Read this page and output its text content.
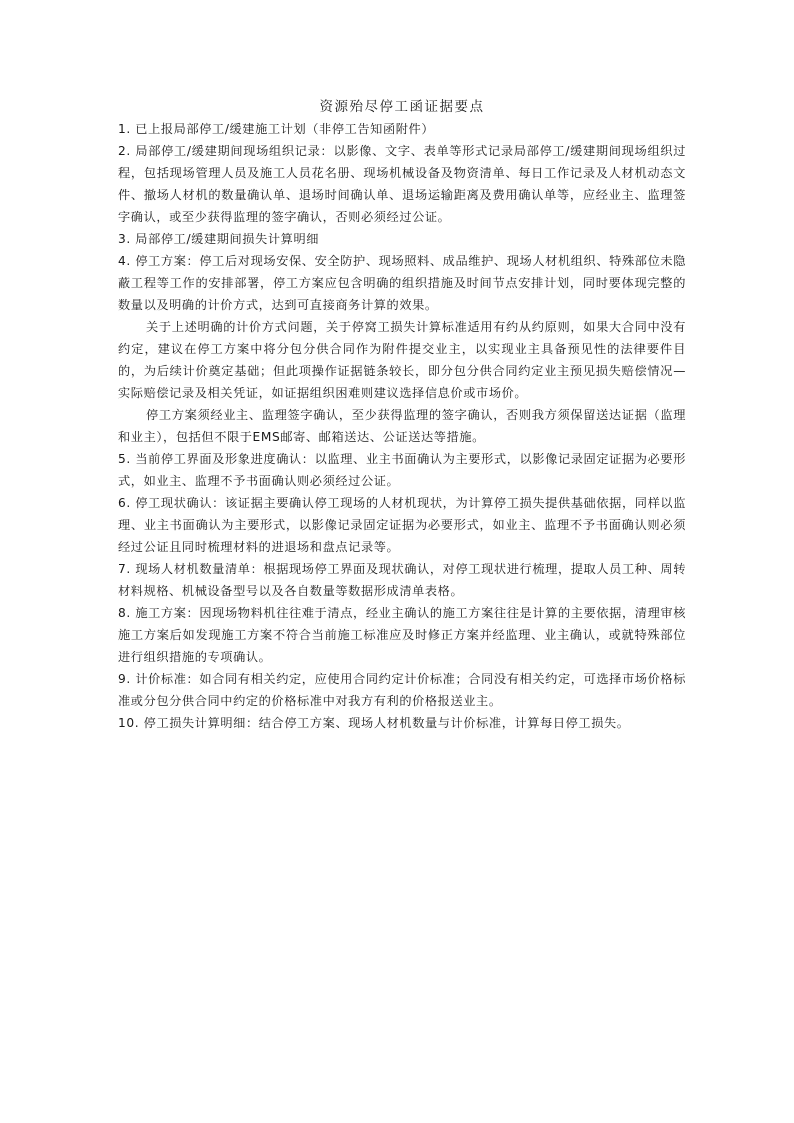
资源殆尽停工函证据要点

1. 已上报局部停工/缓建施工计划（非停工告知函附件）

2. 局部停工/缓建期间现场组织记录：以影像、文字、表单等形式记录局部停工/缓建期间现场组织过程，包括现场管理人员及施工人员花名册、现场机械设备及物资清单、每日工作记录及人材机动态文件、撤场人材机的数量确认单、退场时间确认单、退场运输距离及费用确认单等，应经业主、监理签字确认，或至少获得监理的签字确认，否则必须经过公证。

3. 局部停工/缓建期间损失计算明细

4. 停工方案：停工后对现场安保、安全防护、现场照料、成品维护、现场人材机组织、特殊部位未隐蔽工程等工作的安排部署，停工方案应包含明确的组织措施及时间节点安排计划，同时要体现完整的数量以及明确的计价方式，达到可直接商务计算的效果。

关于上述明确的计价方式问题，关于停窝工损失计算标准适用有约从约原则，如果大合同中没有约定，建议在停工方案中将分包分供合同作为附件提交业主，以实现业主具备预见性的法律要件目的，为后续计价奠定基础；但此项操作证据链条较长，即分包分供合同约定业主预见损失赔偿情况—实际赔偿记录及相关凭证，如证据组织困难则建议选择信息价或市场价。

停工方案须经业主、监理签字确认，至少获得监理的签字确认，否则我方须保留送达证据（监理和业主），包括但不限于EMS邮寄、邮箱送达、公证送达等措施。

5. 当前停工界面及形象进度确认：以监理、业主书面确认为主要形式，以影像记录固定证据为必要形式，如业主、监理不予书面确认则必须经过公证。

6. 停工现状确认：该证据主要确认停工现场的人材机现状，为计算停工损失提供基础依据，同样以监理、业主书面确认为主要形式，以影像记录固定证据为必要形式，如业主、监理不予书面确认则必须经过公证且同时梳理材料的进退场和盘点记录等。

7. 现场人材机数量清单：根据现场停工界面及现状确认，对停工现状进行梳理，提取人员工种、周转材料规格、机械设备型号以及各自数量等数据形成清单表格。

8. 施工方案：因现场物料机往往难于清点，经业主确认的施工方案往往是计算的主要依据，清理审核施工方案后如发现施工方案不符合当前施工标准应及时修正方案并经监理、业主确认，或就特殊部位进行组织措施的专项确认。

9. 计价标准：如合同有相关约定，应使用合同约定计价标准；合同没有相关约定，可选择市场价格标准或分包分供合同中约定的价格标准中对我方有利的价格报送业主。

10. 停工损失计算明细：结合停工方案、现场人材机数量与计价标准，计算每日停工损失。
